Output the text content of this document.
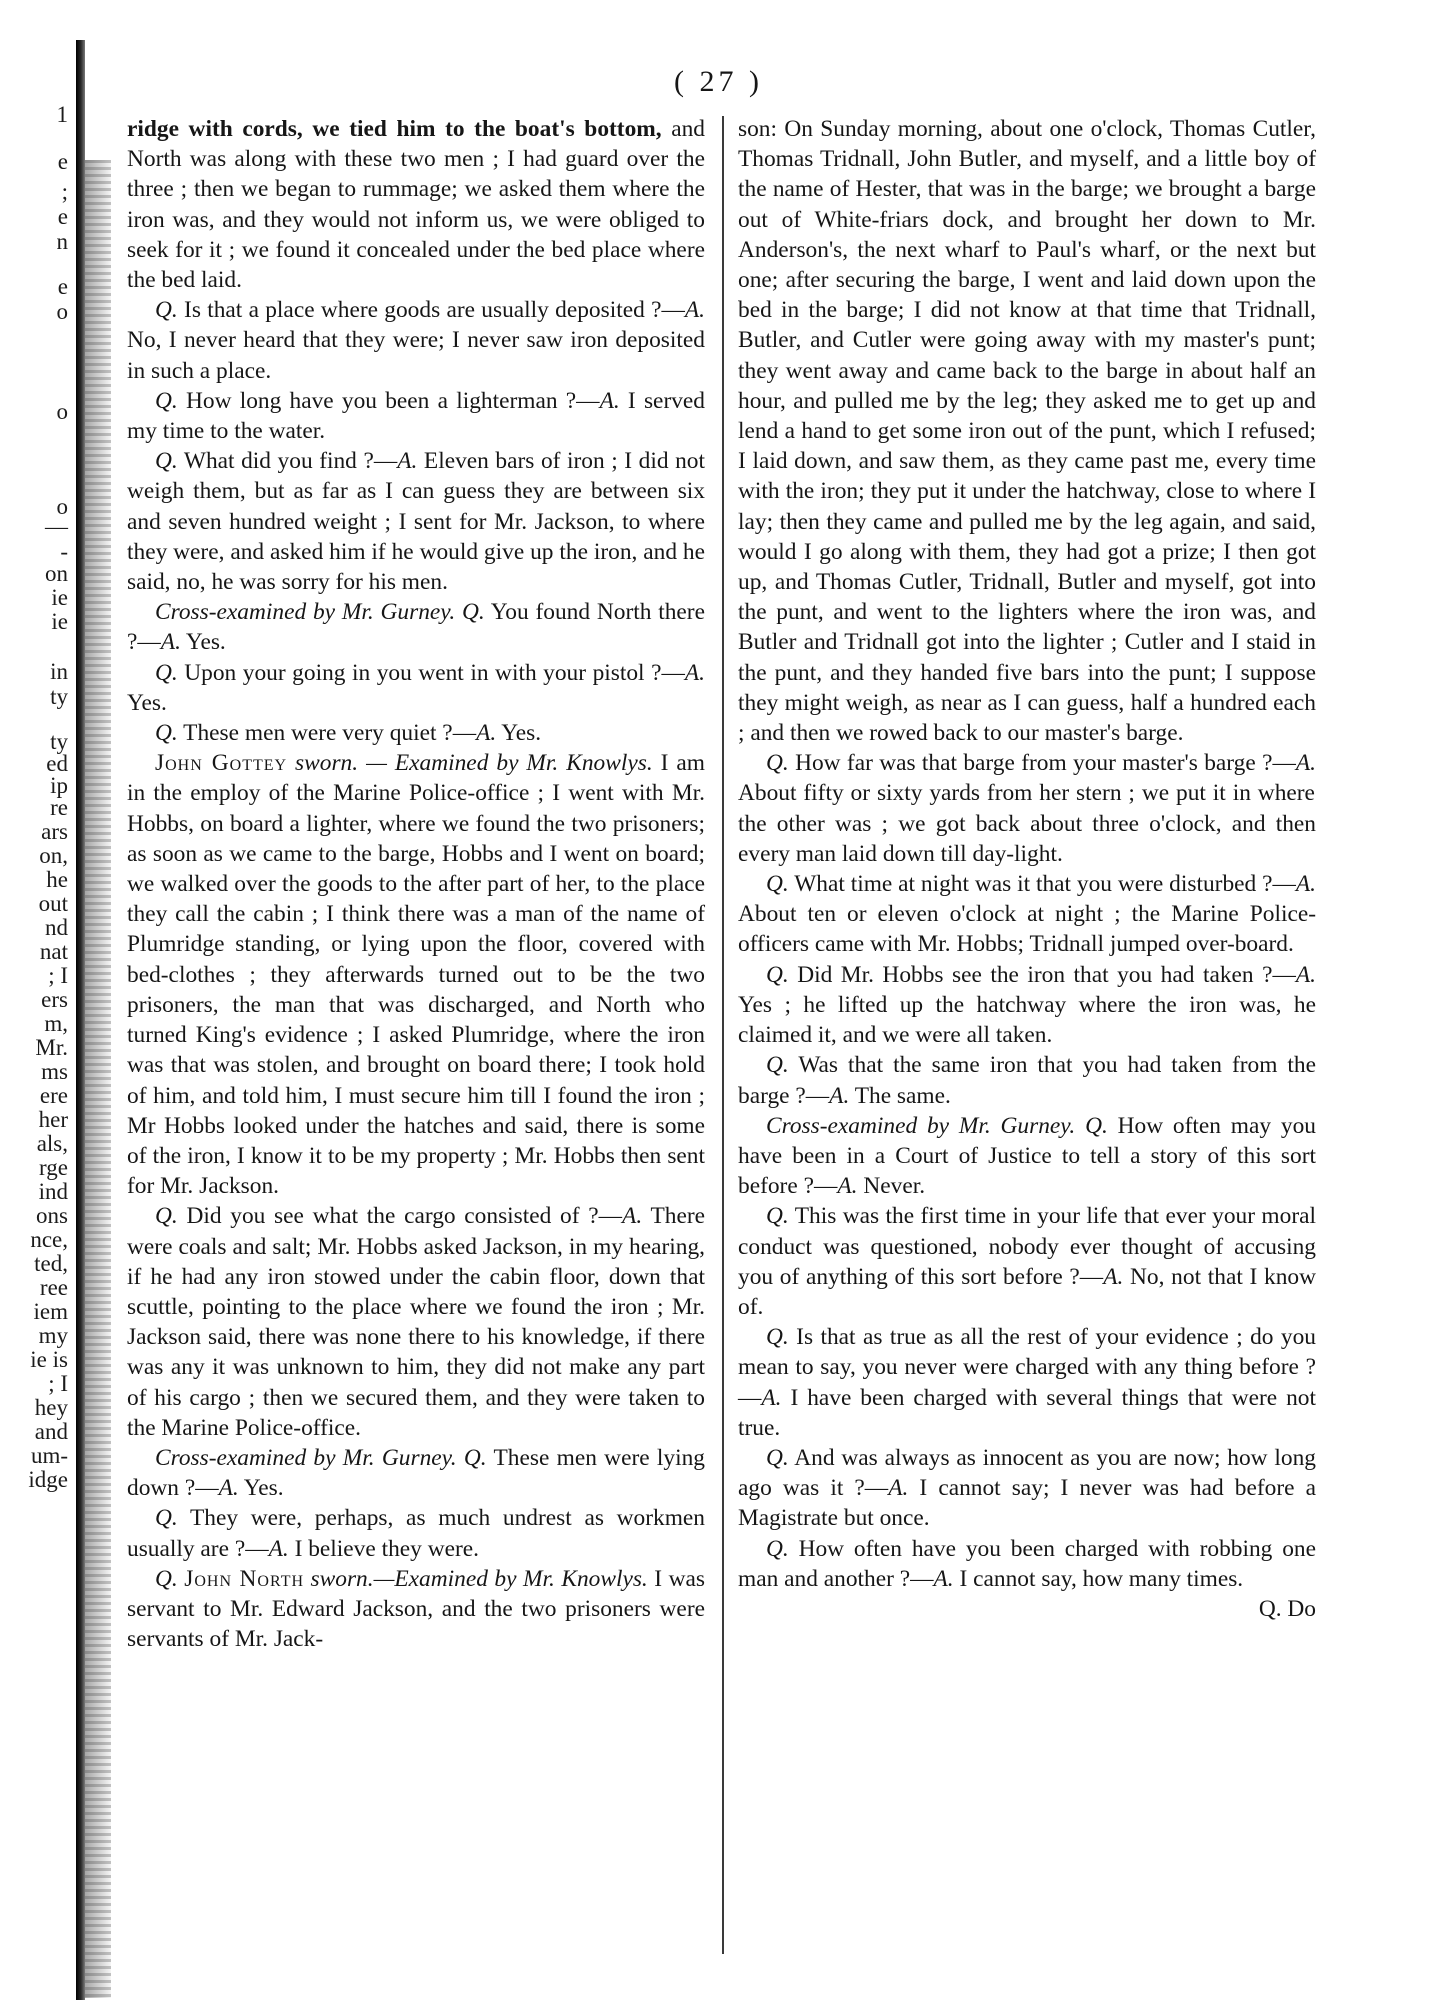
1
e
;
e
n
e
o
o
o
—
-
on
ie
ie
in
ty
ty
ed
ip
re
ars
on,
he
out
nd
nat
; I
ers
m,
Mr.
ms
ere
her
als,
rge
ind
ons
nce,
ted,
ree
iem
my
ie is
; I
hey
and
um-
idge
( 27 )

ridge with cords, we tied him to the boat's bottom, and North was along with these two men ; I had guard over the three ; then we began to rummage; we asked them where the iron was, and they would not inform us, we were obliged to seek for it ; we found it concealed under the bed place where the bed laid.

Q. Is that a place where goods are usually deposited ?—A. No, I never heard that they were; I never saw iron deposited in such a place.

Q. How long have you been a lighterman ?—A. I served my time to the water.

Q. What did you find ?—A. Eleven bars of iron ; I did not weigh them, but as far as I can guess they are between six and seven hundred weight ; I sent for Mr. Jackson, to where they were, and asked him if he would give up the iron, and he said, no, he was sorry for his men.

Cross-examined by Mr. Gurney. Q. You found North there ?—A. Yes.

Q. Upon your going in you went in with your pistol ?—A. Yes.

Q. These men were very quiet ?—A. Yes.

John Gottey sworn. — Examined by Mr. Knowlys. I am in the employ of the Marine Police-office ; I went with Mr. Hobbs, on board a lighter, where we found the two prisoners; as soon as we came to the barge, Hobbs and I went on board; we walked over the goods to the after part of her, to the place they call the cabin ; I think there was a man of the name of Plumridge standing, or lying upon the floor, covered with bed-clothes ; they afterwards turned out to be the two prisoners, the man that was discharged, and North who turned King's evidence ; I asked Plumridge, where the iron was that was stolen, and brought on board there; I took hold of him, and told him, I must secure him till I found the iron ; Mr Hobbs looked under the hatches and said, there is some of the iron, I know it to be my property ; Mr. Hobbs then sent for Mr. Jackson.

Q. Did you see what the cargo consisted of ?—A. There were coals and salt; Mr. Hobbs asked Jackson, in my hearing, if he had any iron stowed under the cabin floor, down that scuttle, pointing to the place where we found the iron ; Mr. Jackson said, there was none there to his knowledge, if there was any it was unknown to him, they did not make any part of his cargo ; then we secured them, and they were taken to the Marine Police-office.

Cross-examined by Mr. Gurney. Q. These men were lying down ?—A. Yes.

Q. They were, perhaps, as much undrest as workmen usually are ?—A. I believe they were.

Q. John North sworn.—Examined by Mr. Knowlys. I was servant to Mr. Edward Jackson, and the two prisoners were servants of Mr. Jack-

son: On Sunday morning, about one o'clock, Thomas Cutler, Thomas Tridnall, John Butler, and myself, and a little boy of the name of Hester, that was in the barge; we brought a barge out of White-friars dock, and brought her down to Mr. Anderson's, the next wharf to Paul's wharf, or the next but one; after securing the barge, I went and laid down upon the bed in the barge; I did not know at that time that Tridnall, Butler, and Cutler were going away with my master's punt; they went away and came back to the barge in about half an hour, and pulled me by the leg; they asked me to get up and lend a hand to get some iron out of the punt, which I refused; I laid down, and saw them, as they came past me, every time with the iron; they put it under the hatchway, close to where I lay; then they came and pulled me by the leg again, and said, would I go along with them, they had got a prize; I then got up, and Thomas Cutler, Tridnall, Butler and myself, got into the punt, and went to the lighters where the iron was, and Butler and Tridnall got into the lighter ; Cutler and I staid in the punt, and they handed five bars into the punt; I suppose they might weigh, as near as I can guess, half a hundred each ; and then we rowed back to our master's barge.

Q. How far was that barge from your master's barge ?—A. About fifty or sixty yards from her stern ; we put it in where the other was ; we got back about three o'clock, and then every man laid down till day-light.

Q. What time at night was it that you were disturbed ?—A. About ten or eleven o'clock at night ; the Marine Police-officers came with Mr. Hobbs; Tridnall jumped over-board.

Q. Did Mr. Hobbs see the iron that you had taken ?—A. Yes ; he lifted up the hatchway where the iron was, he claimed it, and we were all taken.

Q. Was that the same iron that you had taken from the barge ?—A. The same.

Cross-examined by Mr. Gurney. Q. How often may you have been in a Court of Justice to tell a story of this sort before ?—A. Never.

Q. This was the first time in your life that ever your moral conduct was questioned, nobody ever thought of accusing you of anything of this sort before ?—A. No, not that I know of.

Q. Is that as true as all the rest of your evidence ; do you mean to say, you never were charged with any thing before ?—A. I have been charged with several things that were not true.

Q. And was always as innocent as you are now; how long ago was it ?—A. I cannot say; I never was had before a Magistrate but once.

Q. How often have you been charged with robbing one man and another ?—A. I cannot say, how many times.
Q. Do
